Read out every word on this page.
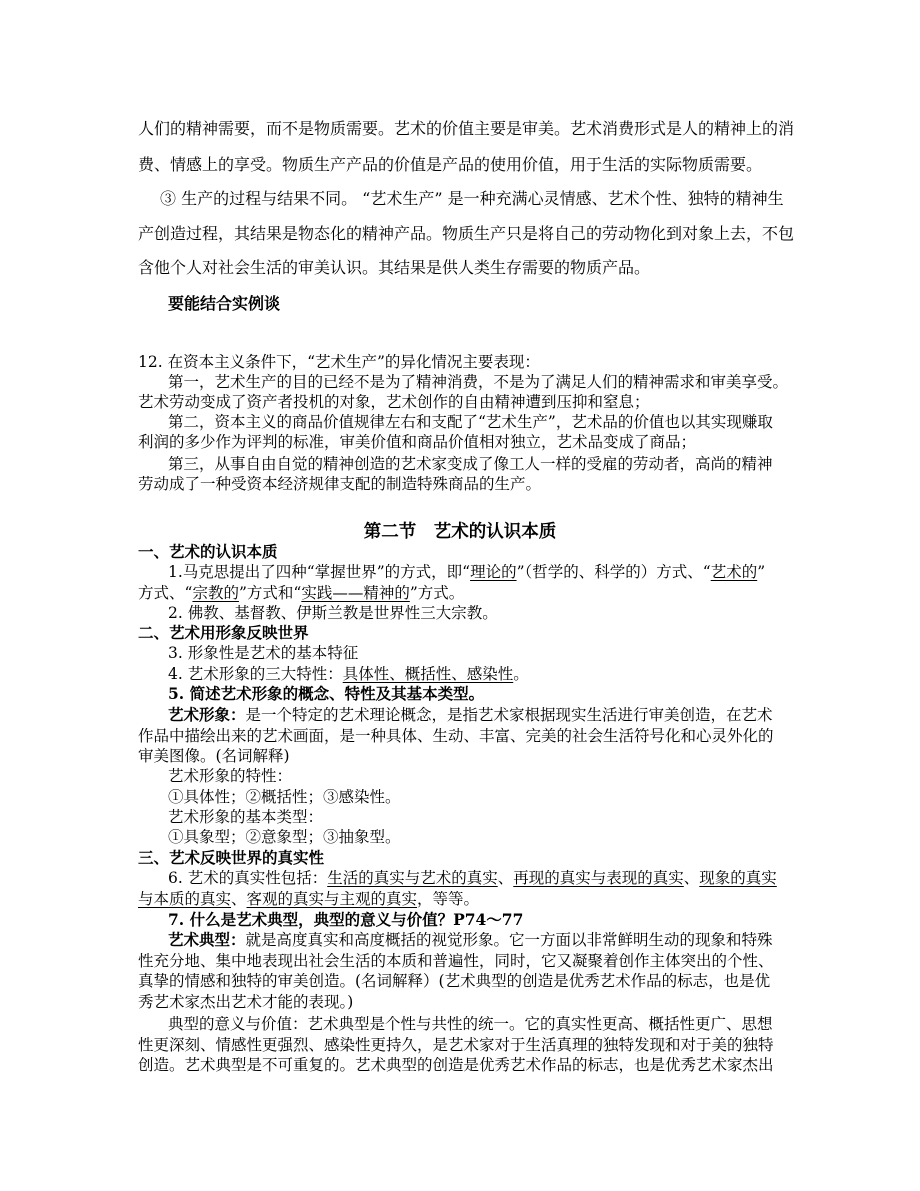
人们的精神需要，而不是物质需要。艺术的价值主要是审美。艺术消费形式是人的精神上的消
费、情感上的享受。物质生产产品的价值是产品的使用价值，用于生活的实际物质需要。
③ 生产的过程与结果不同。 “艺术生产” 是一种充满心灵情感、艺术个性、独特的精神生
产创造过程，其结果是物态化的精神产品。物质生产只是将自己的劳动物化到对象上去，不包
含他个人对社会生活的审美认识。其结果是供人类生存需要的物质产品。
要能结合实例谈
12. 在资本主义条件下，“艺术生产”的异化情况主要表现：
第一，艺术生产的目的已经不是为了精神消费，不是为了满足人们的精神需求和审美享受。
艺术劳动变成了资产者投机的对象，艺术创作的自由精神遭到压抑和窒息；
第二，资本主义的商品价值规律左右和支配了“艺术生产”，艺术品的价值也以其实现赚取
利润的多少作为评判的标准，审美价值和商品价值相对独立，艺术品变成了商品；
第三，从事自由自觉的精神创造的艺术家变成了像工人一样的受雇的劳动者，高尚的精神
劳动成了一种受资本经济规律支配的制造特殊商品的生产。
第二节　艺术的认识本质
一、艺术的认识本质
1.马克思提出了四种“掌握世界”的方式，即“理论的”（哲学的、科学的）方式、“艺术的”
方式、“宗教的”方式和“实践——精神的”方式。
2. 佛教、基督教、伊斯兰教是世界性三大宗教。
二、艺术用形象反映世界
3. 形象性是艺术的基本特征
4. 艺术形象的三大特性：具体性、概括性、感染性。
5. 简述艺术形象的概念、特性及其基本类型。
艺术形象：是一个特定的艺术理论概念，是指艺术家根据现实生活进行审美创造，在艺术
作品中描绘出来的艺术画面，是一种具体、生动、丰富、完美的社会生活符号化和心灵外化的
审美图像。(名词解释)
艺术形象的特性：
①具体性；②概括性；③感染性。
艺术形象的基本类型：
①具象型；②意象型；③抽象型。
三、艺术反映世界的真实性
6. 艺术的真实性包括：生活的真实与艺术的真实、再现的真实与表现的真实、现象的真实
与本质的真实、客观的真实与主观的真实，等等。
7. 什么是艺术典型，典型的意义与价值？P74～77
艺术典型：就是高度真实和高度概括的视觉形象。它一方面以非常鲜明生动的现象和特殊
性充分地、集中地表现出社会生活的本质和普遍性，同时，它又凝聚着创作主体突出的个性、
真挚的情感和独特的审美创造。(名词解释）(艺术典型的创造是优秀艺术作品的标志，也是优
秀艺术家杰出艺术才能的表现。)
典型的意义与价值：艺术典型是个性与共性的统一。它的真实性更高、概括性更广、思想
性更深刻、情感性更强烈、感染性更持久，是艺术家对于生活真理的独特发现和对于美的独特
创造。艺术典型是不可重复的。艺术典型的创造是优秀艺术作品的标志，也是优秀艺术家杰出
